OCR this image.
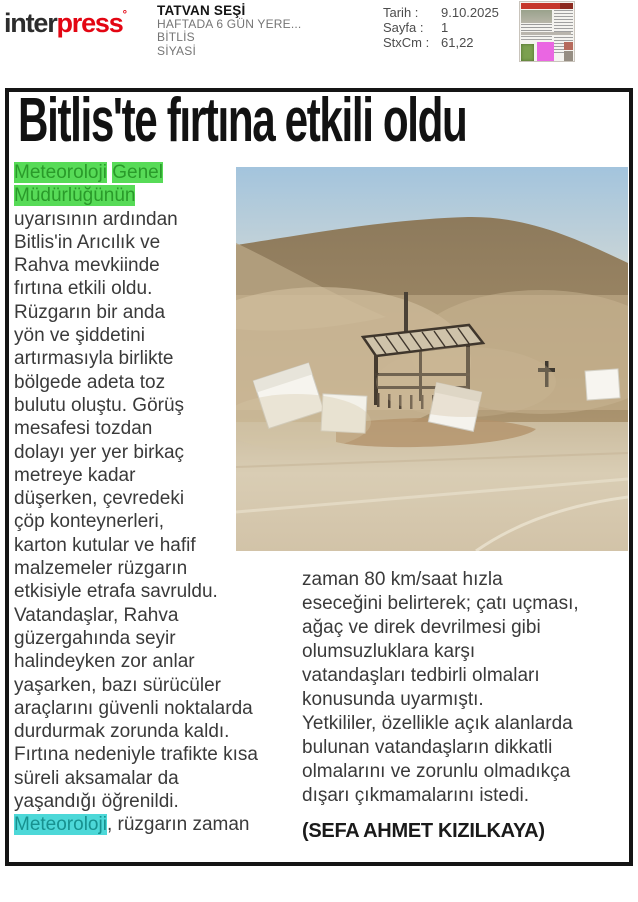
interpress° TATVAN SEŞİ
HAFTADA 6 GÜN YERE...
BİTLİS
SİYASİ
Tarih : 9.10.2025
Sayfa : 1
StxCm : 61,22
Bitlis'te fırtına etkili oldu
Meteoroloji Genel
Müdürlüğünün
uyarısının ardından
Bitlis'in Arıcılık ve
Rahva mevkiinde
fırtına etkili oldu.
Rüzgarın bir anda
yön ve şiddetini
artırmasıyla birlikte
bölgede adeta toz
bulutu oluştu. Görüş
mesafesi tozdan
dolayı yer yer birkaç
metreye kadar
düşerken, çevredeki
çöp konteynerleri,
karton kutular ve hafif
malzemeler rüzgarın
etkisiyle etrafa savruldu.
Vatandaşlar, Rahva
güzergahında seyir
halindeyken zor anlar
yaşarken, bazı sürücüler
araçlarını güvenli noktalarda
durdurmak zorunda kaldı.
Fırtına nedeniyle trafikte kısa
süreli aksamalar da
yaşandığı öğrenildi.
Meteoroloji, rüzgarın zaman
zaman 80 km/saat hızla
eseceğini belirterek; çatı uçması,
ağaç ve direk devrilmesi gibi
olumsuzluklara karşı
vatandaşları tedbirli olmaları
konusunda uyarmıştı.
Yetkililer, özellikle açık alanlarda
bulunan vatandaşların dikkatli
olmalarını ve zorunlu olmadıkça
dışarı çıkmamalarını istedi.
(SEFA AHMET KIZILKAYA)
